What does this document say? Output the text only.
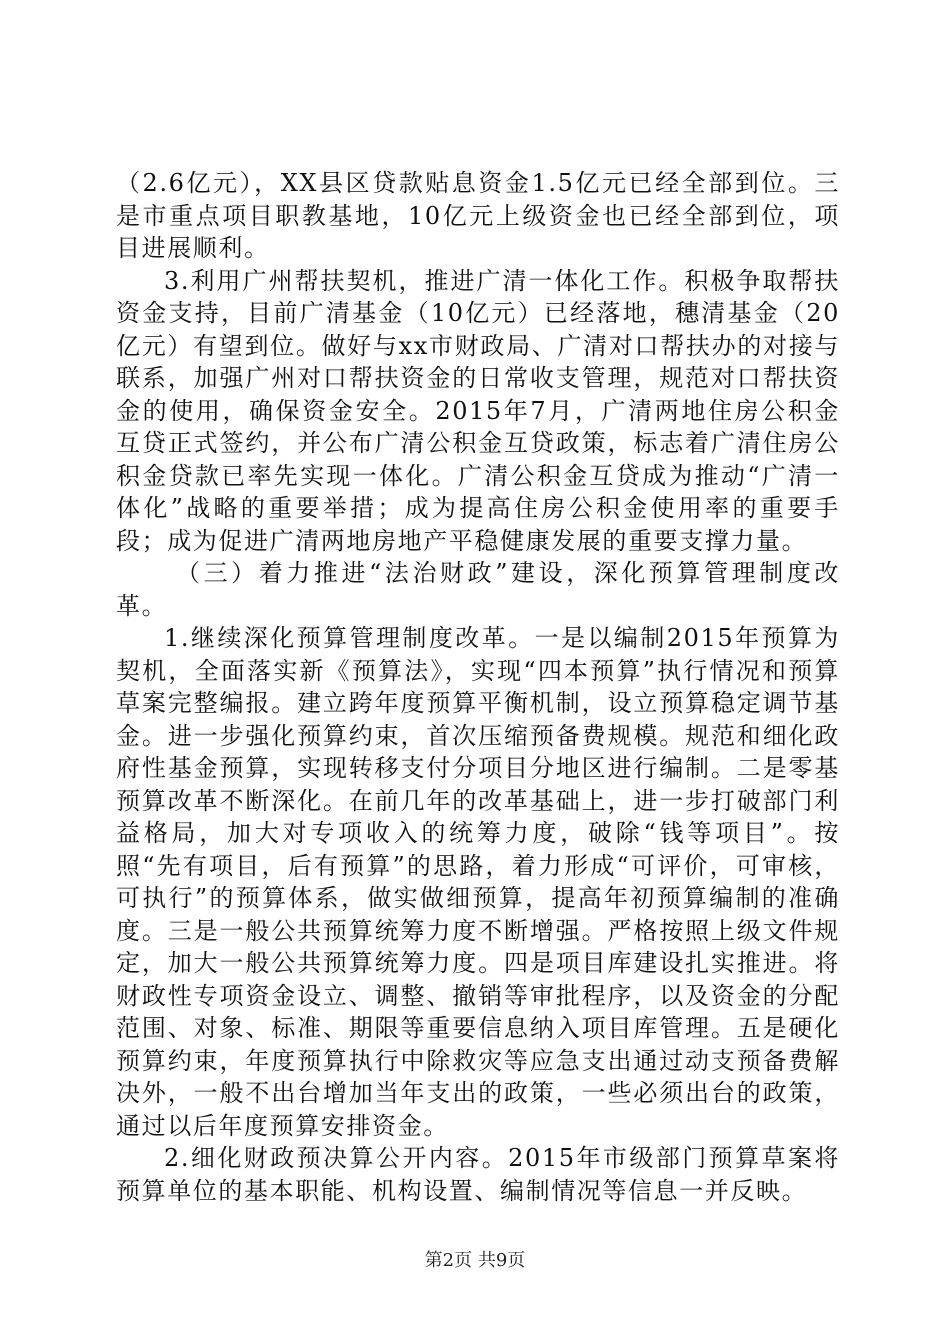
（2.6亿元），XX县区贷款贴息资金1.5亿元已经全部到位。三是市重点项目职教基地，10亿元上级资金也已经全部到位，项目进展顺利。

3.利用广州帮扶契机，推进广清一体化工作。积极争取帮扶资金支持，目前广清基金（10亿元）已经落地，穗清基金（20亿元）有望到位。做好与xx市财政局、广清对口帮扶办的对接与联系，加强广州对口帮扶资金的日常收支管理，规范对口帮扶资金的使用，确保资金安全。2015年7月，广清两地住房公积金互贷正式签约，并公布广清公积金互贷政策，标志着广清住房公积金贷款已率先实现一体化。广清公积金互贷成为推动“广清一体化”战略的重要举措；成为提高住房公积金使用率的重要手段；成为促进广清两地房地产平稳健康发展的重要支撑力量。

（三）着力推进“法治财政”建设，深化预算管理制度改革。

1.继续深化预算管理制度改革。一是以编制2015年预算为契机，全面落实新《预算法》，实现“四本预算”执行情况和预算草案完整编报。建立跨年度预算平衡机制，设立预算稳定调节基金。进一步强化预算约束，首次压缩预备费规模。规范和细化政府性基金预算，实现转移支付分项目分地区进行编制。二是零基预算改革不断深化。在前几年的改革基础上，进一步打破部门利益格局，加大对专项收入的统筹力度，破除“钱等项目”。按照“先有项目，后有预算”的思路，着力形成“可评价，可审核，可执行”的预算体系，做实做细预算，提高年初预算编制的准确度。三是一般公共预算统筹力度不断增强。严格按照上级文件规定，加大一般公共预算统筹力度。四是项目库建设扎实推进。将财政性专项资金设立、调整、撤销等审批程序，以及资金的分配范围、对象、标准、期限等重要信息纳入项目库管理。五是硬化预算约束，年度预算执行中除救灾等应急支出通过动支预备费解决外，一般不出台增加当年支出的政策，一些必须出台的政策，通过以后年度预算安排资金。

2.细化财政预决算公开内容。2015年市级部门预算草案将预算单位的基本职能、机构设置、编制情况等信息一并反映。

第2页 共9页
